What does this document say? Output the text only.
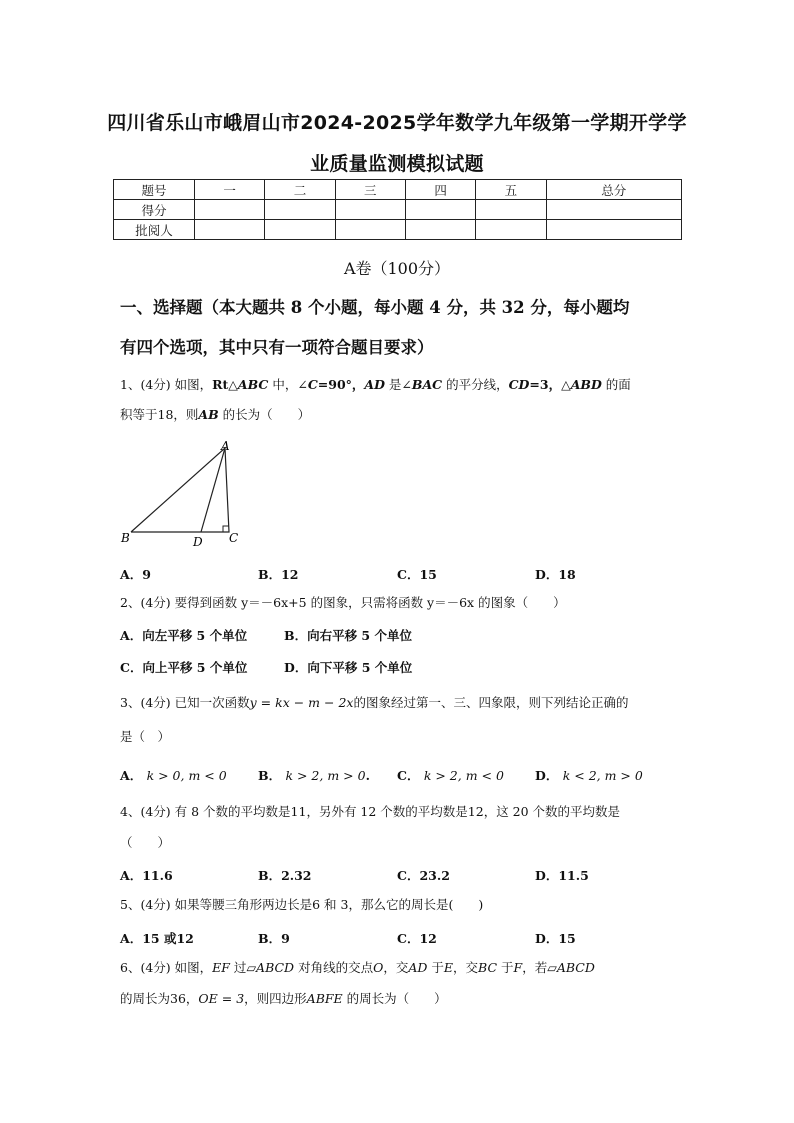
四川省乐山市峨眉山市2024-2025学年数学九年级第一学期开学学
业质量监测模拟试题
题号	一	二	三	四	五	总分
得分						
批阅人						
A卷（100分）
一、选择题（本大题共 8 个小题，每小题 4 分，共 32 分，每小题均
有四个选项，其中只有一项符合题目要求）
1、(4分) 如图，Rt△ABC 中，∠C=90°，AD 是∠BAC 的平分线，CD=3，△ABD 的面
积等于18，则AB 的长为（　　）
A
B	D C
A．9	B．12	C．15	D．18
2、(4分) 要得到函数 y＝－6x+5 的图象，只需将函数 y＝－6x 的图象（　　）
A．向左平移 5 个单位	B．向右平移 5 个单位
C．向上平移 5 个单位	D．向下平移 5 个单位
3、(4分) 已知一次函数y = kx − m − 2x的图象经过第一、三、四象限，则下列结论正确的
是（　）
A． k > 0, m < 0	B． k > 2, m > 0. C． k > 2, m < 0 D． k < 2, m > 0
4、(4分) 有 8 个数的平均数是11，另外有 12 个数的平均数是12，这 20 个数的平均数是
（　　）
A．11.6	B．2.32	C．23.2	D．11.5
5、(4分) 如果等腰三角形两边长是6 和 3，那么它的周长是(　　)
A．15 或12	B．9	C．12	D．15
6、(4分) 如图，EF 过▱ABCD 对角线的交点O，交AD 于E，交BC 于F，若▱ABCD
的周长为36，OE = 3，则四边形ABFE 的周长为（　　）
